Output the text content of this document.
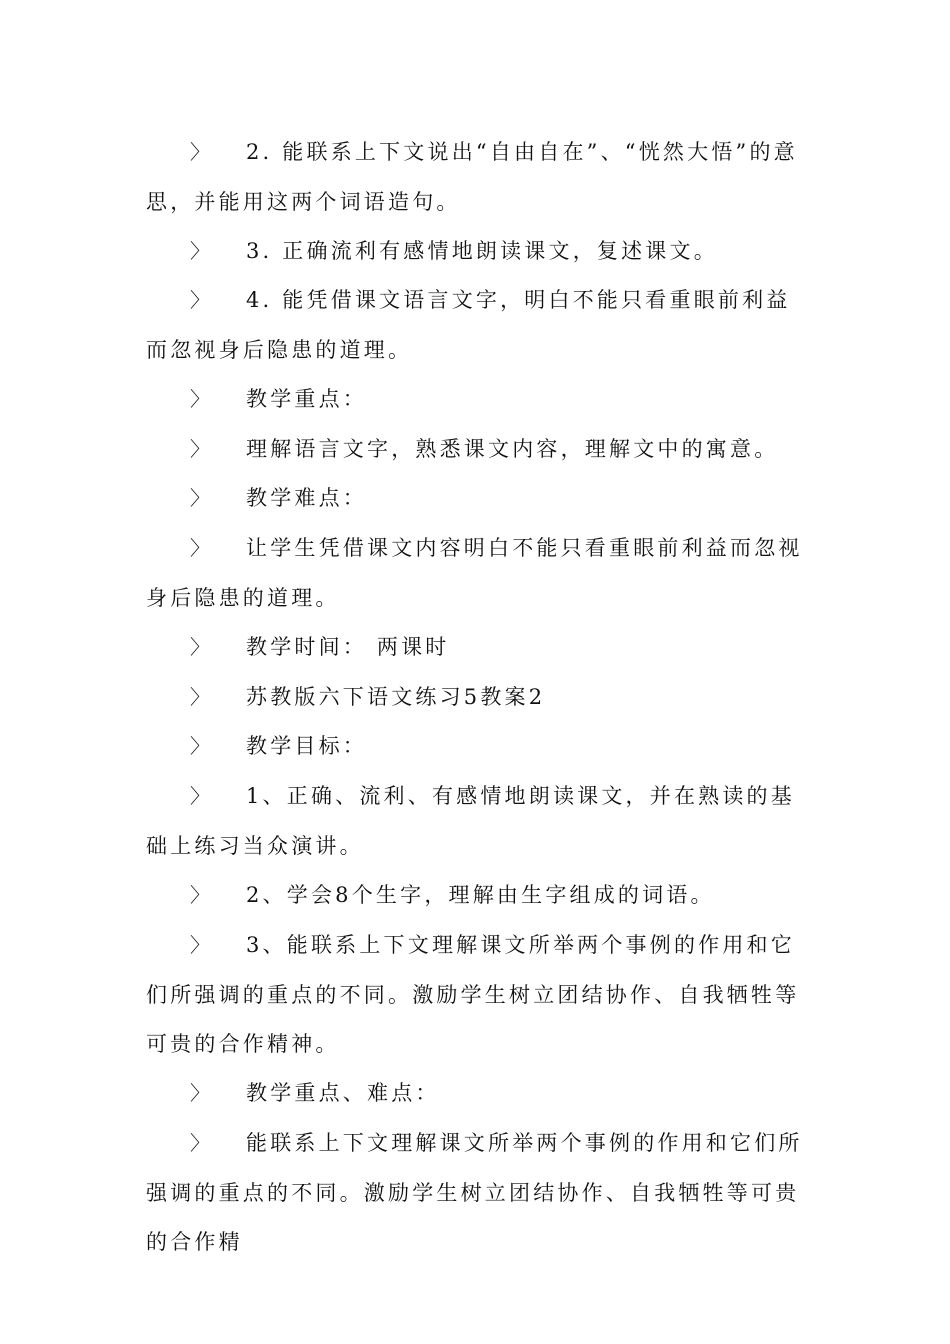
〉 2. 能联系上下文说出“自由自在”、“恍然大悟”的意思，并能用这两个词语造句。
〉 3. 正确流利有感情地朗读课文，复述课文。
〉 4. 能凭借课文语言文字，明白不能只看重眼前利益而忽视身后隐患的道理。
〉 教学重点：
〉 理解语言文字，熟悉课文内容，理解文中的寓意。
〉 教学难点：
〉 让学生凭借课文内容明白不能只看重眼前利益而忽视身后隐患的道理。
〉 教学时间： 两课时
〉 苏教版六下语文练习5教案2
〉 教学目标：
〉 1、正确、流利、有感情地朗读课文，并在熟读的基础上练习当众演讲。
〉 2、学会8个生字，理解由生字组成的词语。
〉 3、能联系上下文理解课文所举两个事例的作用和它们所强调的重点的不同。激励学生树立团结协作、自我牺牲等可贵的合作精神。
〉 教学重点、难点：
〉 能联系上下文理解课文所举两个事例的作用和它们所强调的重点的不同。激励学生树立团结协作、自我牺牲等可贵的合作精
